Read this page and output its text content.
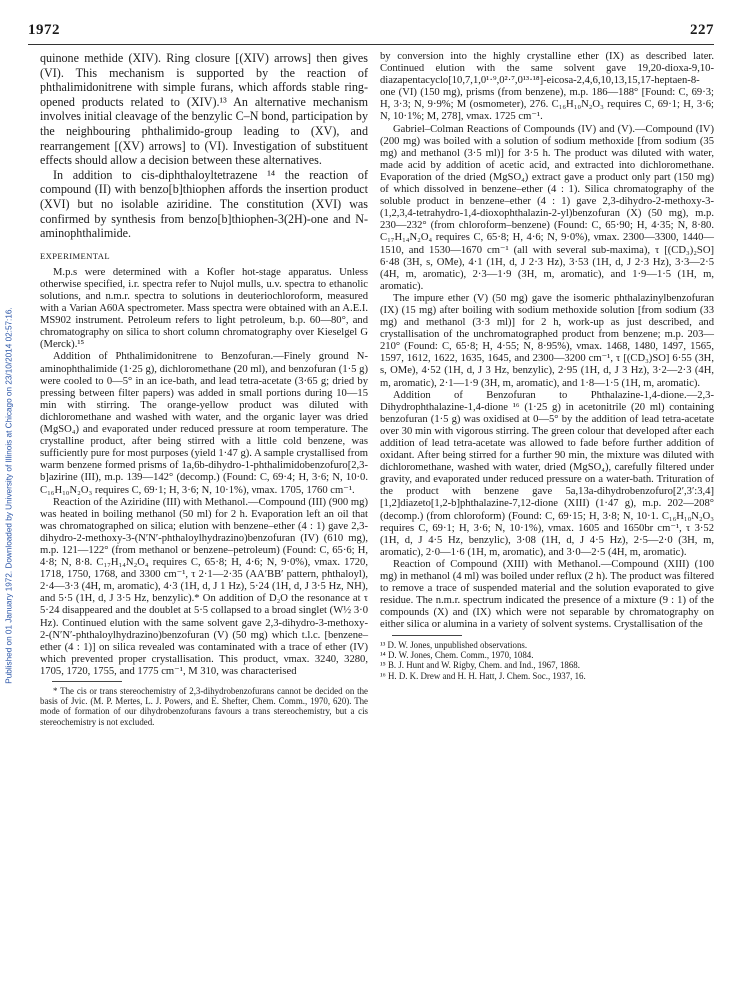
1972	227
Published on 01 January 1972. Downloaded by University of Illinois at Chicago on 23/10/2014 02:57:16.

quinone methide (XIV). Ring closure [(XIV) arrows] then gives (VI). This mechanism is supported by the reaction of phthalimidonitrene with simple furans, which affords stable ring-opened products related to (XIV).¹³ An alternative mechanism involves initial cleavage of the benzylic C–N bond, participation by the neighbouring phthalimido-group leading to (XV), and rearrangement [(XV) arrows] to (VI). Investigation of substituent effects should allow a decision between these alternatives.

In addition to cis-diphthaloyltetrazene ¹⁴ the reaction of compound (II) with benzo[b]thiophen affords the insertion product (XVI) but no isolable aziridine. The constitution (XVI) was confirmed by synthesis from benzo[b]thiophen-3(2H)-one and N-aminophthalimide.

EXPERIMENTAL

M.p.s were determined with a Kofler hot-stage apparatus. Unless otherwise specified, i.r. spectra refer to Nujol mulls, u.v. spectra to ethanolic solutions, and n.m.r. spectra to solutions in deuteriochloroform, measured with a Varian A60A spectrometer. Mass spectra were obtained with an A.E.I. MS902 instrument. Petroleum refers to light petroleum, b.p. 60—80°, and chromatography on silica to short column chromatography over Kieselgel G (Merck).¹⁵

Addition of Phthalimidonitrene to Benzofuran.—Finely ground N-aminophthalimide (1·25 g), dichloromethane (20 ml), and benzofuran (1·5 g) were cooled to 0—5° in an ice-bath, and lead tetra-acetate (3·65 g; dried by pressing between filter papers) was added in small portions during 10—15 min with stirring. The orange-yellow product was diluted with dichloromethane and washed with water, and the organic layer was dried (MgSO₄) and evaporated under reduced pressure at room temperature. The crystalline product, after being stirred with a little cold benzene, was sufficiently pure for most purposes (yield 1·47 g). A sample crystallised from warm benzene formed prisms of 1a,6b-dihydro-1-phthalimidobenzofuro[2,3-b]azirine (III), m.p. 139—142° (decomp.) (Found: C, 69·4; H, 3·6; N, 10·0. C₁₆H₁₀N₂O₃ requires C, 69·1; H, 3·6; N, 10·1%), νmax. 1705, 1760 cm⁻¹.

Reaction of the Aziridine (III) with Methanol.—Compound (III) (900 mg) was heated in boiling methanol (50 ml) for 2 h. Evaporation left an oil that was chromatographed on silica; elution with benzene–ether (4 : 1) gave 2,3-dihydro-2-methoxy-3-(N′N′-phthaloylhydrazino)benzofuran (IV) (610 mg), m.p. 121—122° (from methanol or benzene–petroleum) (Found: C, 65·6; H, 4·8; N, 8·8. C₁₇H₁₄N₂O₄ requires C, 65·8; H, 4·6; N, 9·0%), νmax. 1720, 1718, 1750, 1768, and 3300 cm⁻¹, τ 2·1—2·35 (AA′BB′ pattern, phthaloyl), 2·4—3·3 (4H, m, aromatic), 4·3 (1H, d, J 1 Hz), 5·24 (1H, d, J 3·5 Hz, NH), and 5·5 (1H, d, J 3·5 Hz, benzylic).* On addition of D₂O the resonance at τ 5·24 disappeared and the doublet at 5·5 collapsed to a broad singlet (W½ 3·0 Hz). Continued elution with the same solvent gave 2,3-dihydro-3-methoxy-2-(N′N′-phthaloylhydrazino)benzofuran (V) (50 mg) which t.l.c. [benzene–ether (4 : 1)] on silica revealed was contaminated with a trace of ether (IV) which prevented proper crystallisation. This product, νmax. 3240, 3280, 1705, 1720, 1755, and 1775 cm⁻¹, M 310, was characterised

* The cis or trans stereochemistry of 2,3-dihydrobenzofurans cannot be decided on the basis of Jvic. (M. P. Mertes, L. J. Powers, and E. Shefter, Chem. Comm., 1970, 620). The mode of formation of our dihydrobenzofurans favours a trans stereochemistry, but a cis stereochemistry is not excluded.

by conversion into the highly crystalline ether (IX) as described later. Continued elution with the same solvent gave 19,20-dioxa-9,10-diazapentacyclo[10,7,1,0¹·⁹,0²·⁷,0¹³·¹⁸]-eicosa-2,4,6,10,13,15,17-heptaen-8-one (VI) (150 mg), prisms (from benzene), m.p. 186—188° [Found: C, 69·3; H, 3·3; N, 9·9%; M (osmometer), 276. C₁₆H₁₀N₂O₃ requires C, 69·1; H, 3·6; N, 10·1%; M, 278], νmax. 1725 cm⁻¹.

Gabriel–Colman Reactions of Compounds (IV) and (V).—Compound (IV) (200 mg) was boiled with a solution of sodium methoxide [from sodium (35 mg) and methanol (3·5 ml)] for 3·5 h. The product was diluted with water, made acid by addition of acetic acid, and extracted into dichloromethane. Evaporation of the dried (MgSO₄) extract gave a product only part (150 mg) of which dissolved in benzene–ether (4 : 1). Silica chromatography of the soluble product in benzene–ether (4 : 1) gave 2,3-dihydro-2-methoxy-3-(1,2,3,4-tetrahydro-1,4-dioxophthalazin-2-yl)benzofuran (X) (50 mg), m.p. 230—232° (from chloroform–benzene) (Found: C, 65·90; H, 4·35; N, 8·80. C₁₇H₁₄N₂O₄ requires C, 65·8; H, 4·6; N, 9·0%), νmax. 2300—3300, 1440—1510, and 1530—1670 cm⁻¹ (all with several sub-maxima), τ [(CD₃)₂SO] 6·48 (3H, s, OMe), 4·1 (1H, d, J 2·3 Hz), 3·53 (1H, d, J 2·3 Hz), 3·3—2·5 (4H, m, aromatic), 2·3—1·9 (3H, m, aromatic), and 1·9—1·5 (1H, m, aromatic).

The impure ether (V) (50 mg) gave the isomeric phthalazinylbenzofuran (IX) (15 mg) after boiling with sodium methoxide solution [from sodium (33 mg) and methanol (3·3 ml)] for 2 h, work-up as just described, and crystallisation of the unchromatographed product from benzene; m.p. 203—210° (Found: C, 65·8; H, 4·55; N, 8·95%), νmax. 1468, 1480, 1497, 1565, 1597, 1612, 1622, 1635, 1645, and 2300—3200 cm⁻¹, τ [(CD₃)SO] 6·55 (3H, s, OMe), 4·52 (1H, d, J 3 Hz, benzylic), 2·95 (1H, d, J 3 Hz), 3·2—2·3 (4H, m, aromatic), 2·1—1·9 (3H, m, aromatic), and 1·8—1·5 (1H, m, aromatic).

Addition of Benzofuran to Phthalazine-1,4-dione.—2,3-Dihydrophthalazine-1,4-dione ¹⁶ (1·25 g) in acetonitrile (20 ml) containing benzofuran (1·5 g) was oxidised at 0—5° by the addition of lead tetra-acetate over 30 min with vigorous stirring. The green colour that developed after each addition of lead tetra-acetate was allowed to fade before further addition of oxidant. After being stirred for a further 90 min, the mixture was diluted with dichloromethane, washed with water, dried (MgSO₄), carefully filtered under gravity, and evaporated under reduced pressure on a water-bath. Trituration of the product with benzene gave 5a,13a-dihydrobenzofuro[2′,3′:3,4][1,2]diazeto[1,2-b]phthalazine-7,12-dione (XIII) (1·47 g), m.p. 202—208° (decomp.) (from chloroform) (Found: C, 69·15; H, 3·8; N, 10·1. C₁₆H₁₀N₂O₃ requires C, 69·1; H, 3·6; N, 10·1%), νmax. 1605 and 1650br cm⁻¹, τ 3·52 (1H, d, J 4·5 Hz, benzylic), 3·08 (1H, d, J 4·5 Hz), 2·5—2·0 (3H, m, aromatic), 2·0—1·6 (1H, m, aromatic), and 3·0—2·5 (4H, m, aromatic).

Reaction of Compound (XIII) with Methanol.—Compound (XIII) (100 mg) in methanol (4 ml) was boiled under reflux (2 h). The product was filtered to remove a trace of suspended material and the solution evaporated to give residue. The n.m.r. spectrum indicated the presence of a mixture (9 : 1) of the compounds (X) and (IX) which were not separable by chromatography on either silica or alumina in a variety of solvent systems. Crystallisation of the

¹³ D. W. Jones, unpublished observations.
¹⁴ D. W. Jones, Chem. Comm., 1970, 1084.
¹⁵ B. J. Hunt and W. Rigby, Chem. and Ind., 1967, 1868.
¹⁶ H. D. K. Drew and H. H. Hatt, J. Chem. Soc., 1937, 16.
